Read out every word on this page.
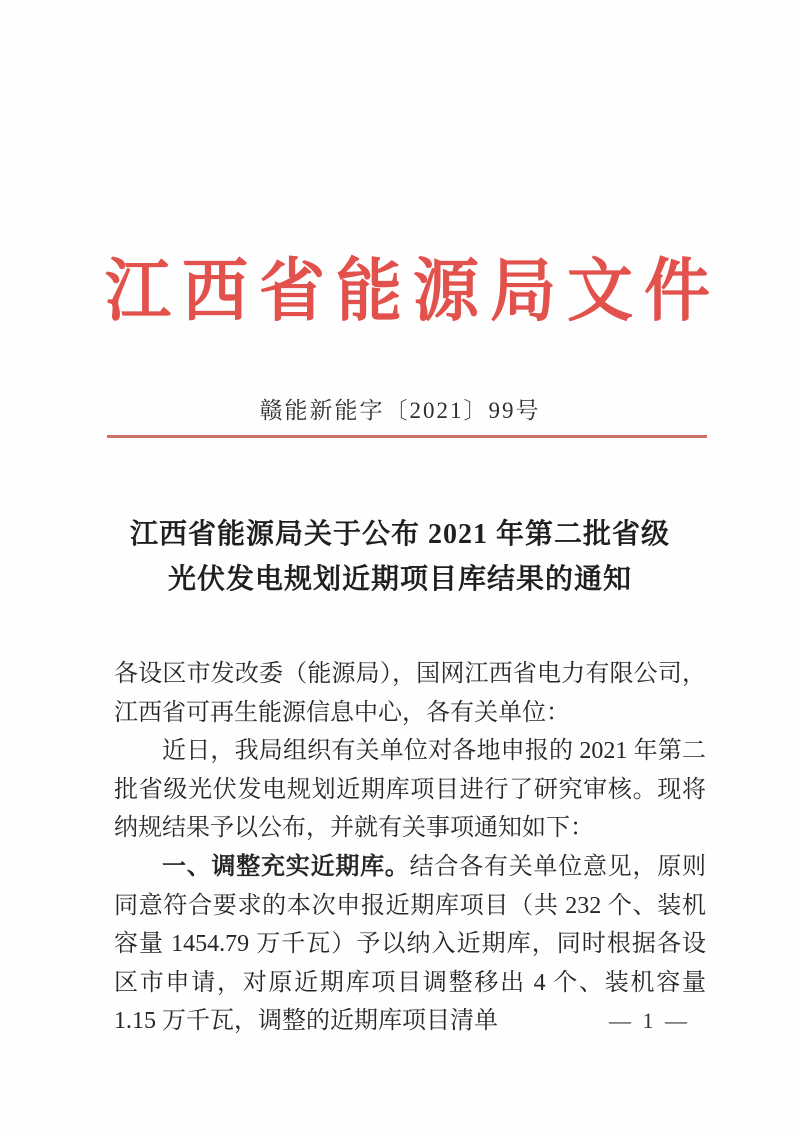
江 西 省 能 源 局 文 件
赣能新能字〔2021〕99号
江西省能源局关于公布 2021 年第二批省级
光伏发电规划近期项目库结果的通知

各设区市发改委（能源局），国网江西省电力有限公司，江西省可再生能源信息中心，各有关单位：

近日，我局组织有关单位对各地申报的 2021 年第二批省级光伏发电规划近期库项目进行了研究审核。现将纳规结果予以公布，并就有关事项通知如下：

一、调整充实近期库。结合各有关单位意见，原则同意符合要求的本次申报近期库项目（共 232 个、装机容量 1454.79 万千瓦）予以纳入近期库，同时根据各设区市申请，对原近期库项目调整移出 4 个、装机容量 1.15 万千瓦，调整的近期库项目清单	— 1 —
